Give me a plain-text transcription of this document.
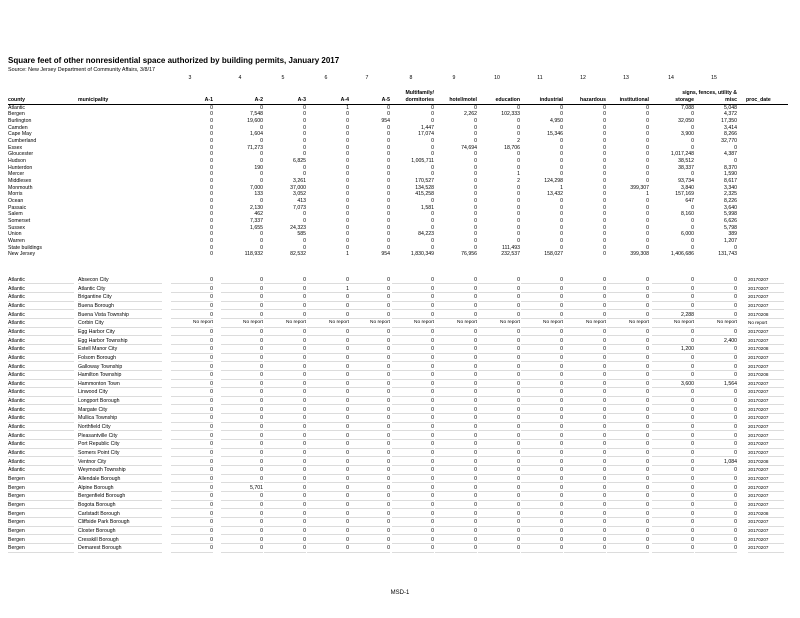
Square feet of other nonresidential space authorized by building permits, January 2017
Source: New Jersey Department of Community Affairs, 3/8/17
3	4	5	6	7	8	9	10	11	12	13	14	15
Multifamily/ dormitories
signs, fences, utility & misc
county	municipality	A-1	A-2	A-3	A-4	A-5	hotel/motel	education	industrial	hazardous	institutional	storage	proc_date
Atlantic	0	0	0	1	0	0	0	0	0	0	0	7,088	5,048
Bergen	0	7,548	0	0	0	0	2,262	102,333	0	0	0	0	4,372
Burlington	0	19,600	0	0	954	0	0	0	4,950	0	0	32,050	17,350
Camden	0	0	0	0	0	1,447	0	0	0	0	0	0	3,414
Cape May	0	1,604	0	0	0	17,074	0	0	15,346	0	0	3,900	8,266
Cumberland	0	0	0	0	0	0	0	2	0	0	0	0	32,770
Essex	0	71,273	0	0	0	0	74,694	18,706	0	0	0	0	0
Gloucester	0	0	0	0	0	0	0	0	0	0	0	1,017,248	4,387
Hudson	0	0	6,825	0	0	1,005,711	0	0	0	0	0	38,512	0
Hunterdon	0	190	0	0	0	0	0	0	0	0	0	38,337	8,370
Mercer	0	0	0	0	0	0	0	1	0	0	0	0	1,590
Middlesex	0	0	3,261	0	0	170,527	0	2	124,298	0	0	93,734	8,617
Monmouth	0	7,000	37,000	0	0	134,528	0	0	1	0	399,307	3,840	3,340
Morris	0	133	3,052	0	0	415,258	0	0	13,432	0	1	157,169	2,325
Ocean	0	0	413	0	0	0	0	0	0	0	0	647	8,226
Passaic	0	2,130	7,073	0	0	1,581	0	0	0	0	0	0	3,640
Salem	0	462	0	0	0	0	0	0	0	0	0	8,160	5,998
Somerset	0	7,337	0	0	0	0	0	0	0	0	0	0	6,626
Sussex	0	1,655	24,323	0	0	0	0	0	0	0	0	0	5,798
Union	0	0	585	0	0	84,223	0	0	0	0	0	6,000	389
Warren	0	0	0	0	0	0	0	0	0	0	0	0	1,207
State buildings	0	0	0	0	0	0	0	111,493	0	0	0	0	0
New Jersey	0	118,932	82,532	1	954	1,830,349	76,956	232,537	158,027	0	399,308	1,406,686	131,743
Atlantic	Absecon City	0	0	0	0	0	0	0	0	0	0	0	0	0 20170207
Atlantic	Atlantic City	0	0	0	1	0	0	0	0	0	0	0	0	0 20170207
Atlantic	Brigantine City	0	0	0	0	0	0	0	0	0	0	0	0	0 20170207
Atlantic	Buena Borough	0	0	0	0	0	0	0	0	0	0	0	0	0 20170207
Atlantic	Buena Vista Township	0	0	0	0	0	0	0	0	0	0	0	2,288	0 20170208
Atlantic	Corbin City	No report	No report	No report	No report	No report	No report	No report	No report	No report	No report	No report	No report	No report No report
Atlantic	Egg Harbor City	0	0	0	0	0	0	0	0	0	0	0	0	0 20170207
Atlantic	Egg Harbor Township	0	0	0	0	0	0	0	0	0	0	0	0	2,400 20170207
Atlantic	Estell Manor City	0	0	0	0	0	0	0	0	0	0	0	1,200	0 20170208
Atlantic	Folsom Borough	0	0	0	0	0	0	0	0	0	0	0	0	0 20170207
Atlantic	Galloway Township	0	0	0	0	0	0	0	0	0	0	0	0	0 20170207
Atlantic	Hamilton Township	0	0	0	0	0	0	0	0	0	0	0	0	0 20170208
Atlantic	Hammonton Town	0	0	0	0	0	0	0	0	0	0	0	3,600	1,564 20170207
Atlantic	Linwood City	0	0	0	0	0	0	0	0	0	0	0	0	0 20170207
Atlantic	Longport Borough	0	0	0	0	0	0	0	0	0	0	0	0	0 20170207
Atlantic	Margate City	0	0	0	0	0	0	0	0	0	0	0	0	0 20170207
Atlantic	Mullica Township	0	0	0	0	0	0	0	0	0	0	0	0	0 20170207
Atlantic	Northfield City	0	0	0	0	0	0	0	0	0	0	0	0	0 20170207
Atlantic	Pleasantville City	0	0	0	0	0	0	0	0	0	0	0	0	0 20170207
Atlantic	Port Republic City	0	0	0	0	0	0	0	0	0	0	0	0	0 20170207
Atlantic	Somers Point City	0	0	0	0	0	0	0	0	0	0	0	0	0 20170207
Atlantic	Ventnor City	0	0	0	0	0	0	0	0	0	0	0	0	1,084 20170208
Atlantic	Weymouth Township	0	0	0	0	0	0	0	0	0	0	0	0	0 20170207
Bergen	Allendale Borough	0	0	0	0	0	0	0	0	0	0	0	0	0 20170207
Bergen	Alpine Borough	0	5,701	0	0	0	0	0	0	0	0	0	0	0 20170207
Bergen	Bergenfield Borough	0	0	0	0	0	0	0	0	0	0	0	0	0 20170207
Bergen	Bogota Borough	0	0	0	0	0	0	0	0	0	0	0	0	0 20170207
Bergen	Carlstadt Borough	0	0	0	0	0	0	0	0	0	0	0	0	0 20170208
Bergen	Cliffside Park Borough	0	0	0	0	0	0	0	0	0	0	0	0	0 20170207
Bergen	Closter Borough	0	0	0	0	0	0	0	0	0	0	0	0	0 20170207
Bergen	Cresskill Borough	0	0	0	0	0	0	0	0	0	0	0	0	0 20170207
Bergen	Demarest Borough	0	0	0	0	0	0	0	0	0	0	0	0	0 20170207
MSD-1
